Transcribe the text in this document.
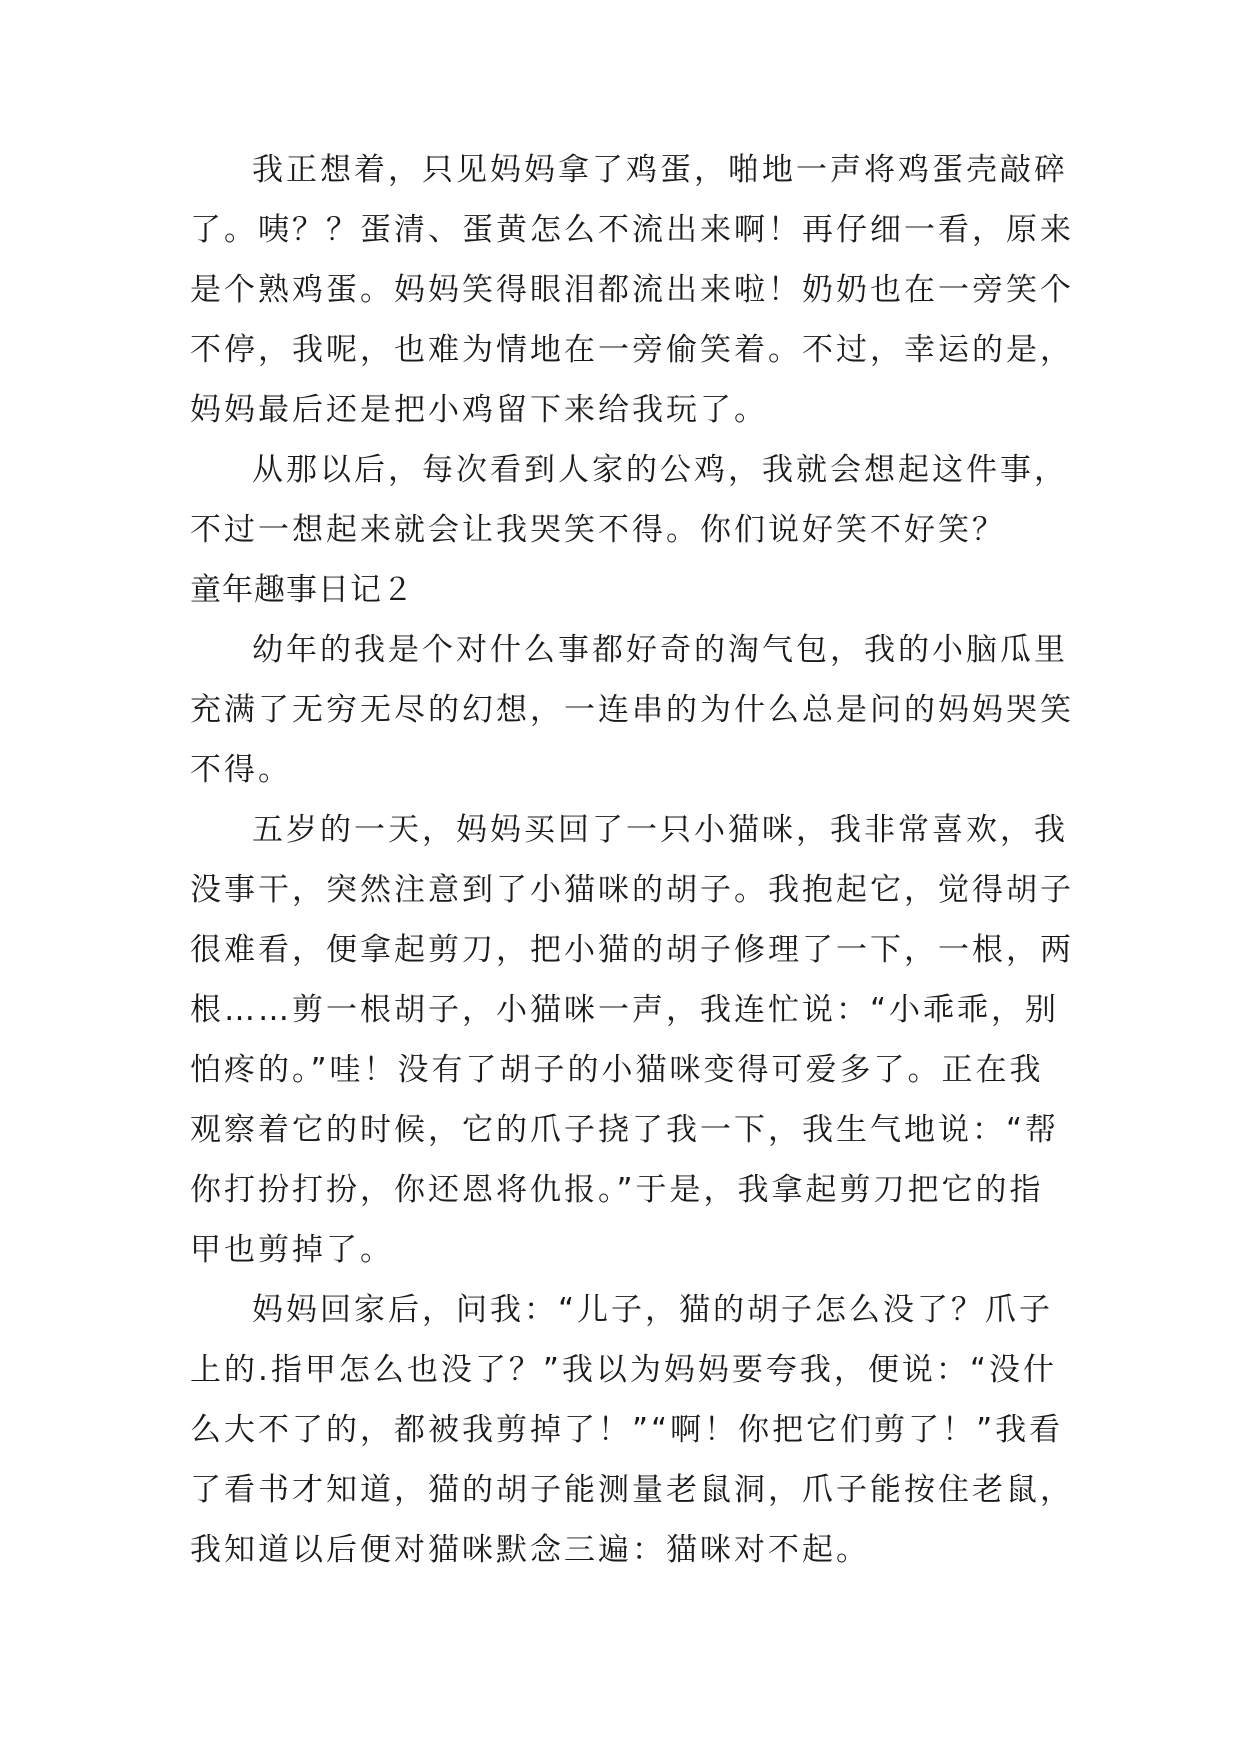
我正想着，只见妈妈拿了鸡蛋，啪地一声将鸡蛋壳敲碎
了。咦？？蛋清、蛋黄怎么不流出来啊！再仔细一看，原来
是个熟鸡蛋。妈妈笑得眼泪都流出来啦！奶奶也在一旁笑个
不停，我呢，也难为情地在一旁偷笑着。不过，幸运的是，
妈妈最后还是把小鸡留下来给我玩了。
从那以后，每次看到人家的公鸡，我就会想起这件事，
不过一想起来就会让我哭笑不得。你们说好笑不好笑？
童年趣事日记２
幼年的我是个对什么事都好奇的淘气包，我的小脑瓜里
充满了无穷无尽的幻想，一连串的为什么总是问的妈妈哭笑
不得。
五岁的一天，妈妈买回了一只小猫咪，我非常喜欢，我
没事干，突然注意到了小猫咪的胡子。我抱起它，觉得胡子
很难看，便拿起剪刀，把小猫的胡子修理了一下，一根，两
根……剪一根胡子，小猫咪一声，我连忙说：“小乖乖，别
怕疼的。”哇！没有了胡子的小猫咪变得可爱多了。正在我
观察着它的时候，它的爪子挠了我一下，我生气地说：“帮
你打扮打扮，你还恩将仇报。”于是，我拿起剪刀把它的指
甲也剪掉了。
妈妈回家后，问我：“儿子，猫的胡子怎么没了？爪子
上的.指甲怎么也没了？”我以为妈妈要夸我，便说：“没什
么大不了的，都被我剪掉了！”“啊！你把它们剪了！”我看
了看书才知道，猫的胡子能测量老鼠洞，爪子能按住老鼠，
我知道以后便对猫咪默念三遍：猫咪对不起。
